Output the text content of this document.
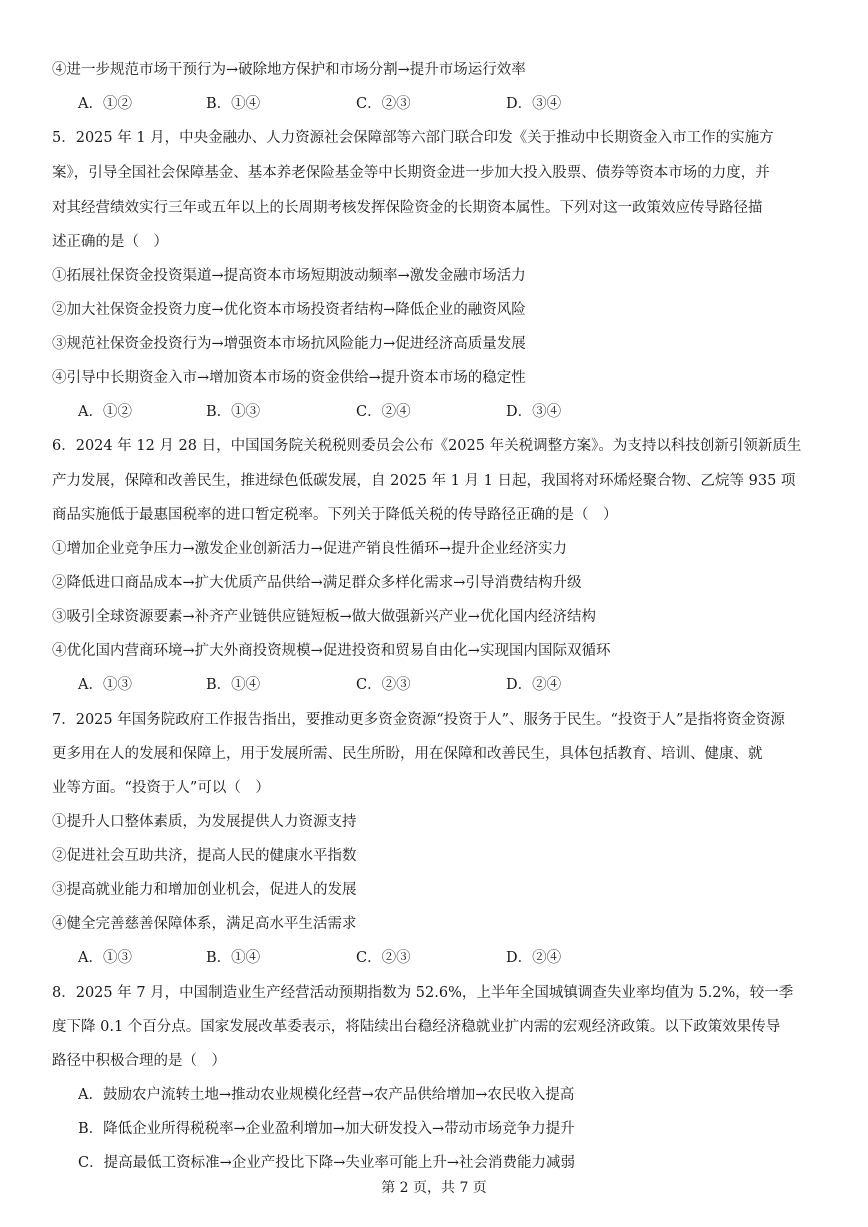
④进一步规范市场干预行为→破除地方保护和市场分割→提升市场运行效率
A．①②	B．①④	C．②③	D．③④
5．2025 年 1 月，中央金融办、人力资源社会保障部等六部门联合印发《关于推动中长期资金入市工作的实施方
案》，引导全国社会保障基金、基本养老保险基金等中长期资金进一步加大投入股票、债券等资本市场的力度，并
对其经营绩效实行三年或五年以上的长周期考核发挥保险资金的长期资本属性。下列对这一政策效应传导路径描
述正确的是（　）
①拓展社保资金投资渠道→提高资本市场短期波动频率→激发金融市场活力
②加大社保资金投资力度→优化资本市场投资者结构→降低企业的融资风险
③规范社保资金投资行为→增强资本市场抗风险能力→促进经济高质量发展
④引导中长期资金入市→增加资本市场的资金供给→提升资本市场的稳定性
A．①②	B．①③	C．②④	D．③④
6．2024 年 12 月 28 日，中国国务院关税税则委员会公布《2025 年关税调整方案》。为支持以科技创新引领新质生
产力发展，保障和改善民生，推进绿色低碳发展，自 2025 年 1 月 1 日起，我国将对环烯烃聚合物、乙烷等 935 项
商品实施低于最惠国税率的进口暂定税率。下列关于降低关税的传导路径正确的是（　）
①增加企业竞争压力→激发企业创新活力→促进产销良性循环→提升企业经济实力
②降低进口商品成本→扩大优质产品供给→满足群众多样化需求→引导消费结构升级
③吸引全球资源要素→补齐产业链供应链短板→做大做强新兴产业→优化国内经济结构
④优化国内营商环境→扩大外商投资规模→促进投资和贸易自由化→实现国内国际双循环
A．①③	B．①④	C．②③	D．②④
7．2025 年国务院政府工作报告指出，要推动更多资金资源“投资于人”、服务于民生。“投资于人”是指将资金资源
更多用在人的发展和保障上，用于发展所需、民生所盼，用在保障和改善民生，具体包括教育、培训、健康、就
业等方面。“投资于人”可以（　）
①提升人口整体素质，为发展提供人力资源支持
②促进社会互助共济，提高人民的健康水平指数
③提高就业能力和增加创业机会，促进人的发展
④健全完善慈善保障体系，满足高水平生活需求
A．①③	B．①④	C．②③	D．②④
8．2025 年 7 月，中国制造业生产经营活动预期指数为 52.6%，上半年全国城镇调查失业率均值为 5.2%，较一季
度下降 0.1 个百分点。国家发展改革委表示，将陆续出台稳经济稳就业扩内需的宏观经济政策。以下政策效果传导
路径中积极合理的是（　）
A．鼓励农户流转土地→推动农业规模化经营→农产品供给增加→农民收入提高
B．降低企业所得税税率→企业盈利增加→加大研发投入→带动市场竞争力提升
C．提高最低工资标准→企业产投比下降→失业率可能上升→社会消费能力减弱
第 2 页，共 7 页
